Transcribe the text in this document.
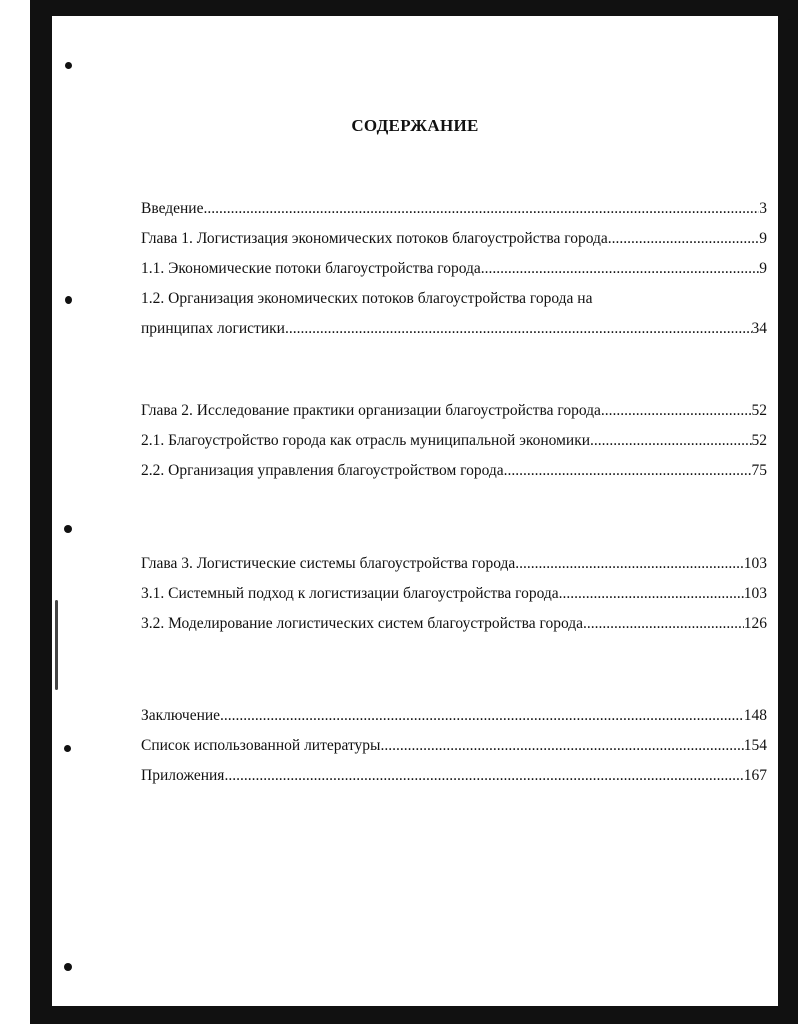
СОДЕРЖАНИЕ
Введение .....	3
Глава 1. Логистизация экономических потоков благоустройства города .....	9
1.1. Экономические потоки благоустройства города .....	9
1.2. Организация экономических потоков благоустройства города на
принципах логистики .....	34
Глава 2. Исследование практики организации благоустройства города .....	52
2.1. Благоустройство города как отрасль муниципальной экономики .....	52
2.2. Организация управления благоустройством города .....	75
Глава 3. Логистические системы благоустройства города .....	103
3.1. Системный подход к логистизации благоустройства города .....	103
3.2. Моделирование логистических систем благоустройства города .....	126
Заключение .....	148
Список использованной литературы .....	154
Приложения .....	167
